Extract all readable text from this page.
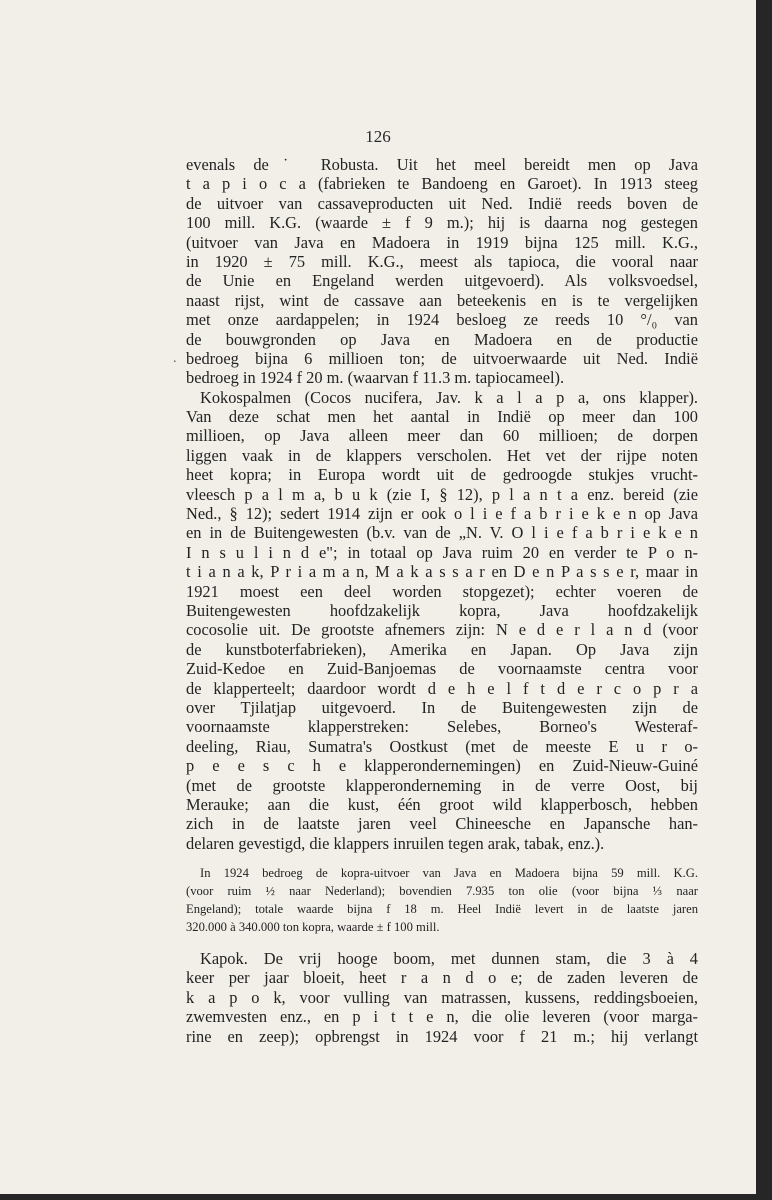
126
.
evenals de˙ Robusta. Uit het meel bereidt men op Java
t a p i o c a (fabrieken te Bandoeng en Garoet). In 1913 steeg
de uitvoer van cassaveproducten uit Ned. Indië reeds boven de
100 mill. K.G. (waarde ± f 9 m.); hij is daarna nog gestegen
(uitvoer van Java en Madoera in 1919 bijna 125 mill. K.G.,
in 1920 ± 75 mill. K.G., meest als tapioca, die vooral naar
de Unie en Engeland werden uitgevoerd). Als volksvoedsel,
naast rijst, wint de cassave aan beteekenis en is te vergelijken
met onze aardappelen; in 1924 besloeg ze reeds 10 °/₀ van
de bouwgronden op Java en Madoera en de productie
bedroeg bijna 6 millioen ton; de uitvoerwaarde uit Ned. Indië
bedroeg in 1924 f 20 m. (waarvan f 11.3 m. tapiocameel).
Kokospalmen (Cocos nucifera, Jav. k a l a p a, ons klapper).
Van deze schat men het aantal in Indië op meer dan 100
millioen, op Java alleen meer dan 60 millioen; de dorpen
liggen vaak in de klappers verscholen. Het vet der rijpe noten
heet kopra; in Europa wordt uit de gedroogde stukjes vrucht-
vleesch p a l m a, b u k (zie I, § 12), p l a n t a enz. bereid (zie
Ned., § 12); sedert 1914 zijn er ook o l i e f a b r i e k e n op Java
en in de Buitengewesten (b.v. van de „N. V. O l i e f a b r i e k e n
I n s u l i n d e"; in totaal op Java ruim 20 en verder te P o n-
t i a n a k, P r i a m a n, M a k a s s a r en D e n P a s s e r, maar in
1921 moest een deel worden stopgezet); echter voeren de
Buitengewesten hoofdzakelijk kopra, Java hoofdzakelijk
cocosolie uit. De grootste afnemers zijn: N e d e r l a n d (voor
de kunstboterfabrieken), Amerika en Japan. Op Java zijn
Zuid-Kedoe en Zuid-Banjoemas de voornaamste centra voor
de klapperteelt; daardoor wordt d e h e l f t d e r c o p r a
over Tjilatjap uitgevoerd. In de Buitengewesten zijn de
voornaamste klapperstreken: Selebes, Borneo's Westeraf-
deeling, Riau, Sumatra's Oostkust (met de meeste E u r o-
p e e s c h e klapperondernemingen) en Zuid-Nieuw-Guiné
(met de grootste klapperonderneming in de verre Oost, bij
Merauke; aan die kust, één groot wild klapperbosch, hebben
zich in de laatste jaren veel Chineesche en Japansche han-
delaren gevestigd, die klappers inruilen tegen arak, tabak, enz.).
In 1924 bedroeg de kopra-uitvoer van Java en Madoera bijna 59 mill. K.G.
(voor ruim ½ naar Nederland); bovendien 7.935 ton olie (voor bijna ⅓ naar
Engeland); totale waarde bijna f 18 m. Heel Indië levert in de laatste jaren
320.000 à 340.000 ton kopra, waarde ± f 100 mill.
Kapok. De vrij hooge boom, met dunnen stam, die 3 à 4
keer per jaar bloeit, heet r a n d o e; de zaden leveren de
k a p o k, voor vulling van matrassen, kussens, reddingsboeien,
zwemvesten enz., en p i t t e n, die olie leveren (voor marga-
rine en zeep); opbrengst in 1924 voor f 21 m.; hij verlangt
